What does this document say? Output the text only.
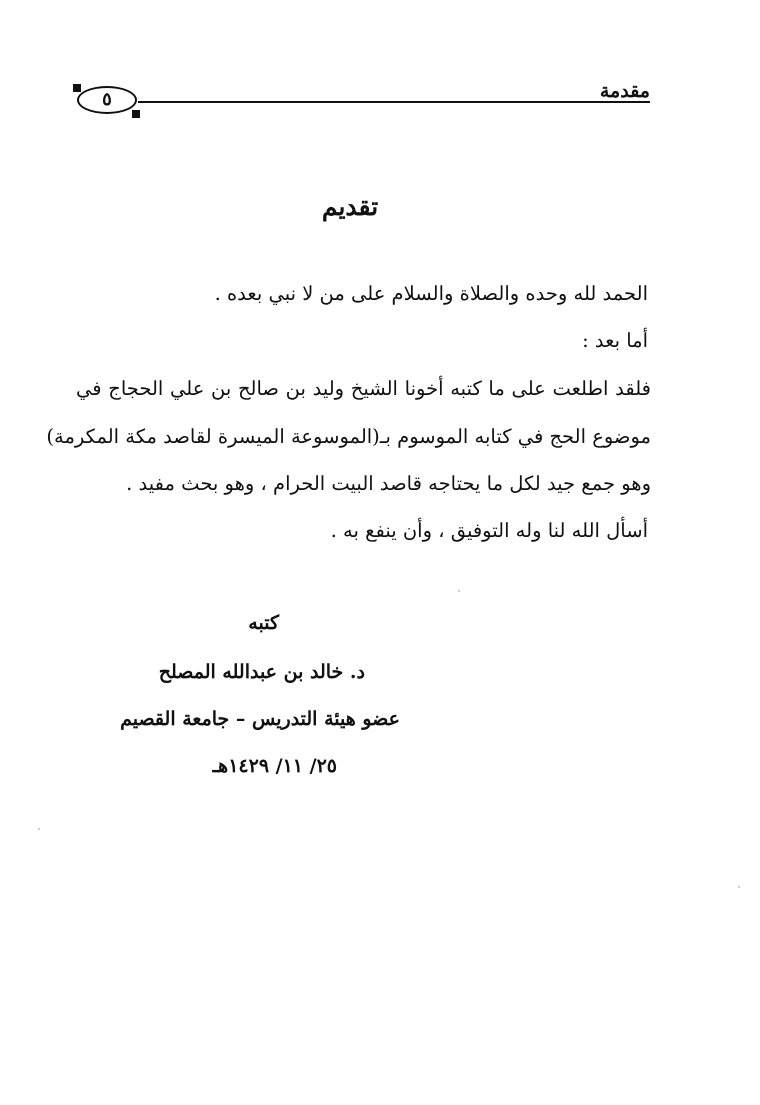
مقدمة
٥
تقديم
الحمد لله وحده والصلاة والسلام على من لا نبي بعده .
أما بعد :
فلقد اطلعت على ما كتبه أخونا الشيخ وليد بن صالح بن علي الحجاج في
موضوع الحج في كتابه الموسوم بـ(الموسوعة الميسرة لقاصد مكة المكرمة)
وهو جمع جيد لكل ما يحتاجه قاصد البيت الحرام ، وهو بحث مفيد .
أسأل الله لنا وله التوفيق ، وأن ينفع به .
كتبه
د. خالد بن عبدالله المصلح
عضو هيئة التدريس – جامعة القصيم
٢٥/ ١١/ ١٤٢٩هـ
